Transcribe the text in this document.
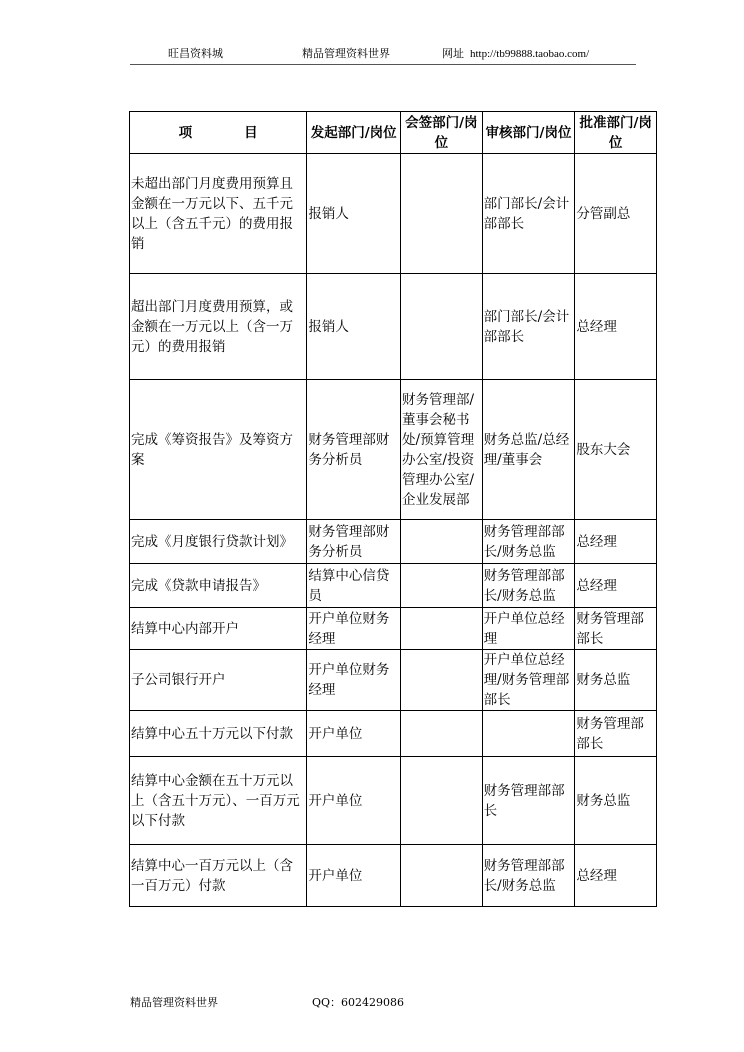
旺昌资料城	精品管理资料世界	网址 http://tb99888.taobao.com/
项 目	发起部门/岗位	会签部门/岗位	审核部门/岗位	批准部门/岗位
未超出部门月度费用预算且金额在一万元以下、五千元以上（含五千元）的费用报销	报销人		部门部长/会计部部长	分管副总
超出部门月度费用预算，或金额在一万元以上（含一万元）的费用报销	报销人		部门部长/会计部部长	总经理
完成《筹资报告》及筹资方案	财务管理部财务分析员	财务管理部/董事会秘书处/预算管理办公室/投资管理办公室/企业发展部	财务总监/总经理/董事会	股东大会
完成《月度银行贷款计划》	财务管理部财务分析员		财务管理部部长/财务总监	总经理
完成《贷款申请报告》	结算中心信贷员		财务管理部部长/财务总监	总经理
结算中心内部开户	开户单位财务经理		开户单位总经理	财务管理部部长
子公司银行开户	开户单位财务经理		开户单位总经理/财务管理部部长	财务总监
结算中心五十万元以下付款	开户单位			财务管理部部长
结算中心金额在五十万元以上（含五十万元）、一百万元以下付款	开户单位		财务管理部部长	财务总监
结算中心一百万元以上（含一百万元）付款	开户单位		财务管理部部长/财务总监	总经理
精品管理资料世界	QQ：602429086
